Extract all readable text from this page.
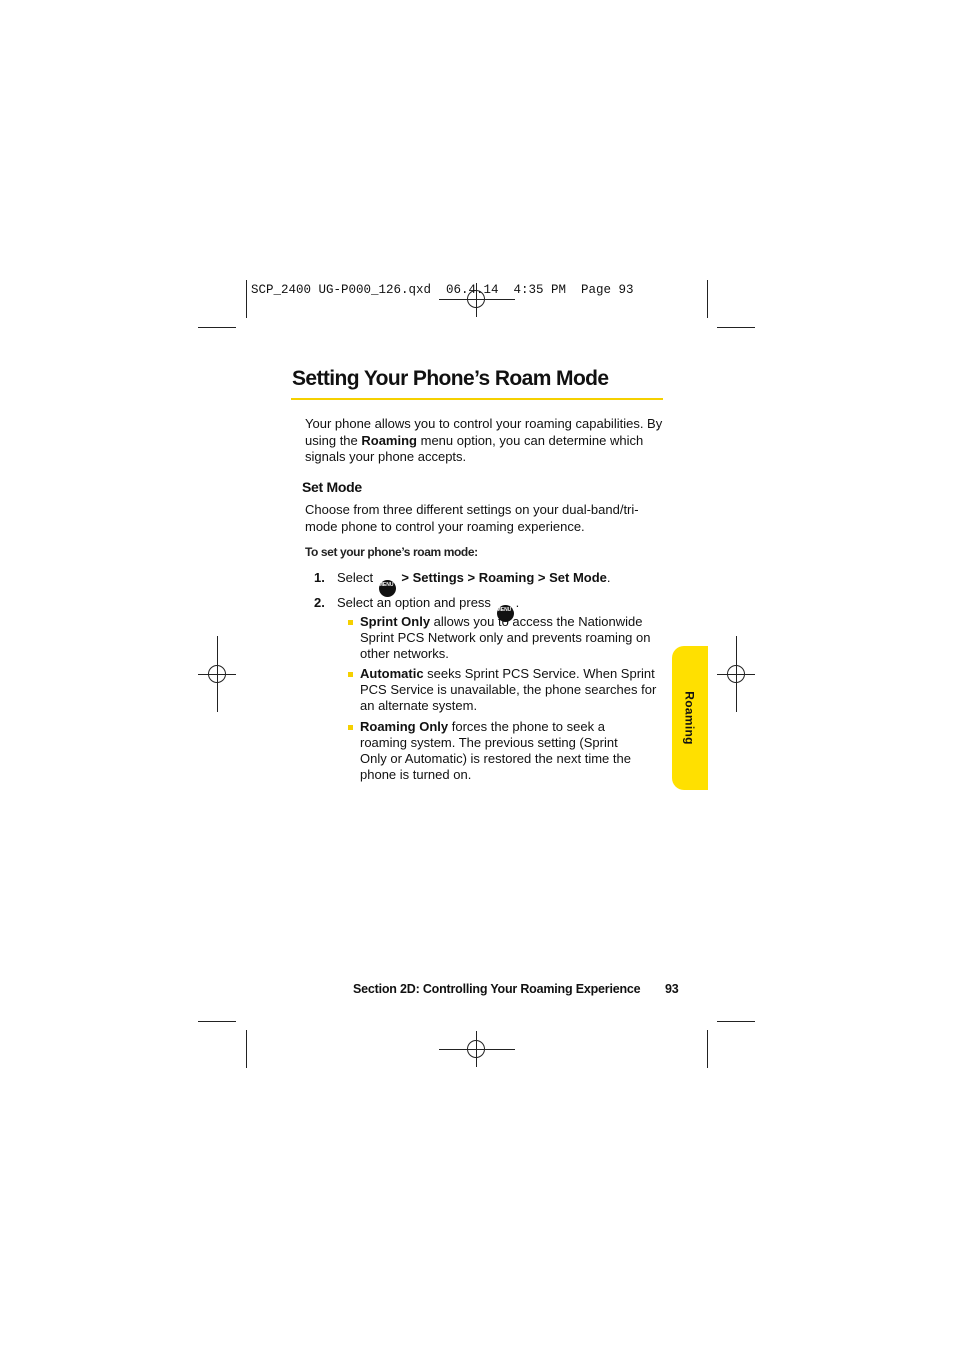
SCP_2400 UG-P000_126.qxd  06.4.14  4:35 PM  Page 93
Setting Your Phone’s Roam Mode

Your phone allows you to control your roaming capabilities. By using the Roaming menu option, you can determine which signals your phone accepts.

Set Mode

Choose from three different settings on your dual-band/tri-mode phone to control your roaming experience.

To set your phone’s roam mode:
1. Select MENU OK > Settings > Roaming > Set Mode.
2. Select an option and press MENU OK.
Sprint Only allows you to access the Nationwide Sprint PCS Network only and prevents roaming on other networks.
Automatic seeks Sprint PCS Service. When Sprint PCS Service is unavailable, the phone searches for an alternate system.
Roaming Only forces the phone to seek a roaming system. The previous setting (Sprint Only or Automatic) is restored the next time the phone is turned on.
Roaming
Section 2D: Controlling Your Roaming Experience 93
